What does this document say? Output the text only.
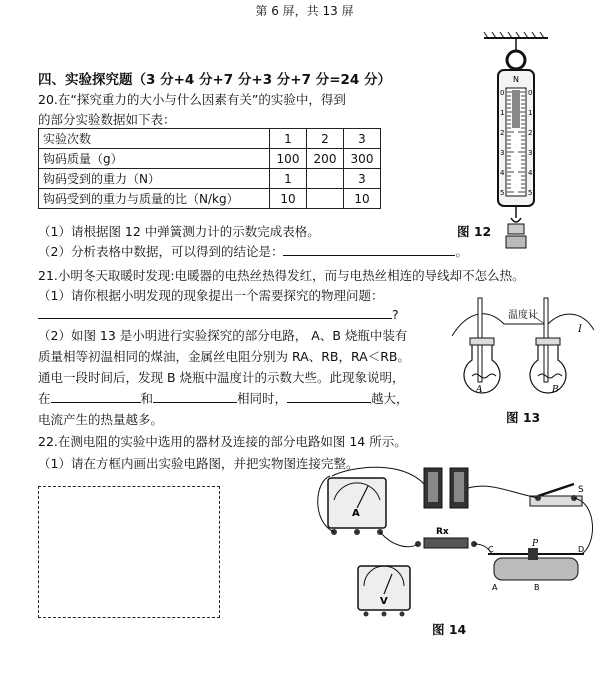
第 6 屏，共 13 屏
四、实验探究题（3 分+4 分+7 分+3 分+7 分=24 分）
20.在“探究重力的大小与什么因素有关”的实验中，得到
的部分实验数据如下表：
实验次数	1	2	3
钩码质量（g）	100	200	300
钩码受到的重力（N）	1		3
钩码受到的重力与质量的比（N/kg）	10		10
（1）请根据图 12 中弹簧测力计的示数完成表格。
（2）分析表格中数据，可以得到的结论是：	。
N
0	0
1	1
2	2
3	3
4	4
5	5
图 12
21.小明冬天取暖时发现:电暖器的电热丝热得发红，而与电热丝相连的导线却不怎么热。
（1）请你根据小明发现的现象提出一个需要探究的物理问题：
?
（2）如图 13 是小明进行实验探究的部分电路， A、B 烧瓶中装有
质量相等初温相同的煤油，金属丝电阻分别为 RA、RB，RA＜RB。
通电一段时间后，发现 B 烧瓶中温度计的示数大些。此现象说明，
在	和	相同时，	越大，
电流产生的热量越多。
温度计
I
A	B
图 13
22.在测电阻的实验中选用的器材及连接的部分电路如图 14 所示。
（1）请在方框内画出实验电路图，并把实物图连接完整。
A
S
Rx
P
C	D
A	B
V
图 14
